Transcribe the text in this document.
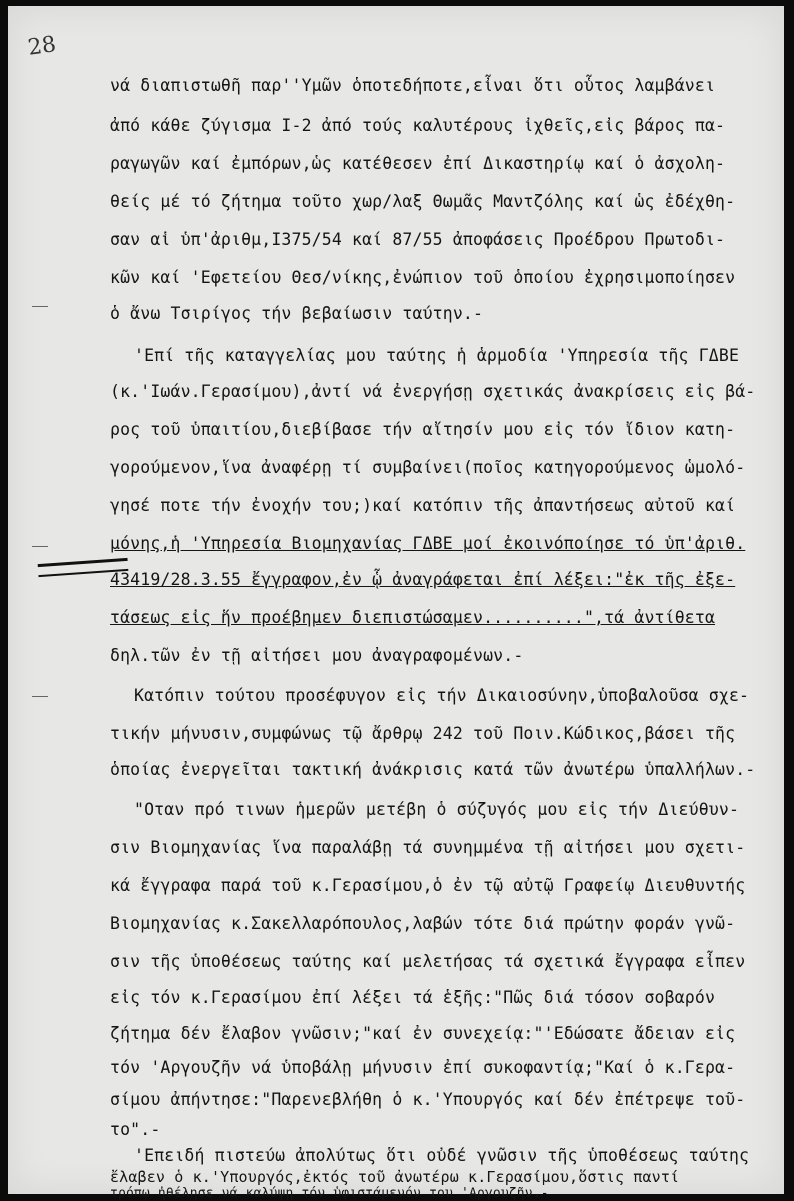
28
νά διαπιστωθῆ παρ''Υμῶν ὁποτεδήποτε,εἶναι ὅτι οὗτος λαμβάνει
ἀπό κάθε ζύγισμα I-2 ἀπό τούς καλυτέρους ἰχθεῖς,εἰς βάρος πα-
ραγωγῶν καί ἐμπόρων,ὡς κατέθεσεν ἐπί Δικαστηρίῳ καί ὁ ἀσχολη-
θείς μέ τό ζήτημα τοῦτο χωρ/λαξ Θωμᾶς Μαντζόλης καί ὡς ἐδέχθη-
σαν αἱ ὑπ'ἀριθμ,Ι375/54 καί 87/55 ἀποφάσεις Προέδρου Πρωτοδι-
κῶν καί 'Εφετείου Θεσ/νίκης,ἐνώπιον τοῦ ὁποίου ἐχρησιμοποίησεν
ὁ ἄνω Τσιρίγος τήν βεβαίωσιν ταύτην.-
'Επί τῆς καταγγελίας μου ταύτης ἡ ἁρμοδία 'Υπηρεσία τῆς ΓΔΒΕ
(κ.'Ιωάν.Γερασίμου),ἀντί νά ἐνεργήσῃ σχετικάς ἀνακρίσεις εἰς βά-
ρος τοῦ ὑπαιτίου,διεβίβασε τήν αἴτησίν μου εἰς τόν ἴδιον κατη-
γορούμενον,ἵνα ἀναφέρῃ τί συμβαίνει(ποῖος κατηγορούμενος ὡμολό-
γησέ ποτε τήν ἐνοχήν του;)καί κατόπιν τῆς ἀπαντήσεως αὐτοῦ καί
μόνης,ἡ 'Υπηρεσία Βιομηχανίας ΓΔΒΕ μοί ἐκοινόποίησε τό ὑπ'ἀριθ.
43419/28.3.55 ἔγγραφον,ἐν ᾧ ἀναγράφεται ἐπί λέξει:"ἐκ τῆς ἐξε-
τάσεως εἰς ἥν προέβημεν διεπιστώσαμεν..........",τά ἀντίθετα
δηλ.τῶν ἐν τῇ αἰτήσει μου ἀναγραφομένων.-
Κατόπιν τούτου προσέφυγον εἰς τήν Δικαιοσύνην,ὑποβαλοῦσα σχε-
τικήν μήνυσιν,συμφώνως τῷ ἄρθρῳ 242 τοῦ Ποιν.Κώδικος,βάσει τῆς
ὁποίας ἐνεργεῖται τακτική ἀνάκρισις κατά τῶν ἀνωτέρω ὑπαλλήλων.-
"Οταν πρό τινων ἡμερῶν μετέβη ὁ σύζυγός μου εἰς τήν Διεύθυν-
σιν Βιομηχανίας ἵνα παραλάβῃ τά συνημμένα τῇ αἰτήσει μου σχετι-
κά ἔγγραφα παρά τοῦ κ.Γερασίμου,ὁ ἐν τῷ αὐτῷ Γραφείῳ Διευθυντής
Βιομηχανίας κ.Σακελλαρόπουλος,λαβών τότε διά πρώτην φοράν γνῶ-
σιν τῆς ὑποθέσεως ταύτης καί μελετήσας τά σχετικά ἔγγραφα εἶπεν
εἰς τόν κ.Γερασίμου ἐπί λέξει τά ἑξῆς:"Πῶς διά τόσον σοβαρόν
ζήτημα δέν ἔλαβον γνῶσιν;"καί ἐν συνεχείᾳ:"'Εδώσατε ἄδειαν εἰς
τόν 'Αργουζῆν νά ὑποβάλῃ μήνυσιν ἐπί συκοφαντίᾳ;"Καί ὁ κ.Γερα-
σίμου ἀπήντησε:"Παρενεβλήθη ὁ κ.'Υπουργός καί δέν ἐπέτρεψε τοῦ-
το".-
'Επειδή πιστεύω ἀπολύτως ὅτι οὐδέ γνῶσιν τῆς ὑποθέσεως ταύτης
ἔλαβεν ὁ κ.'Υπουργός,ἐκτός τοῦ ἀνωτέρω κ.Γερασίμου,ὅστις παντί
τρόπῳ ἠθέλησε νά καλύψῃ τόν ὑφιστάμενόν του 'Αργουζῆν.-
